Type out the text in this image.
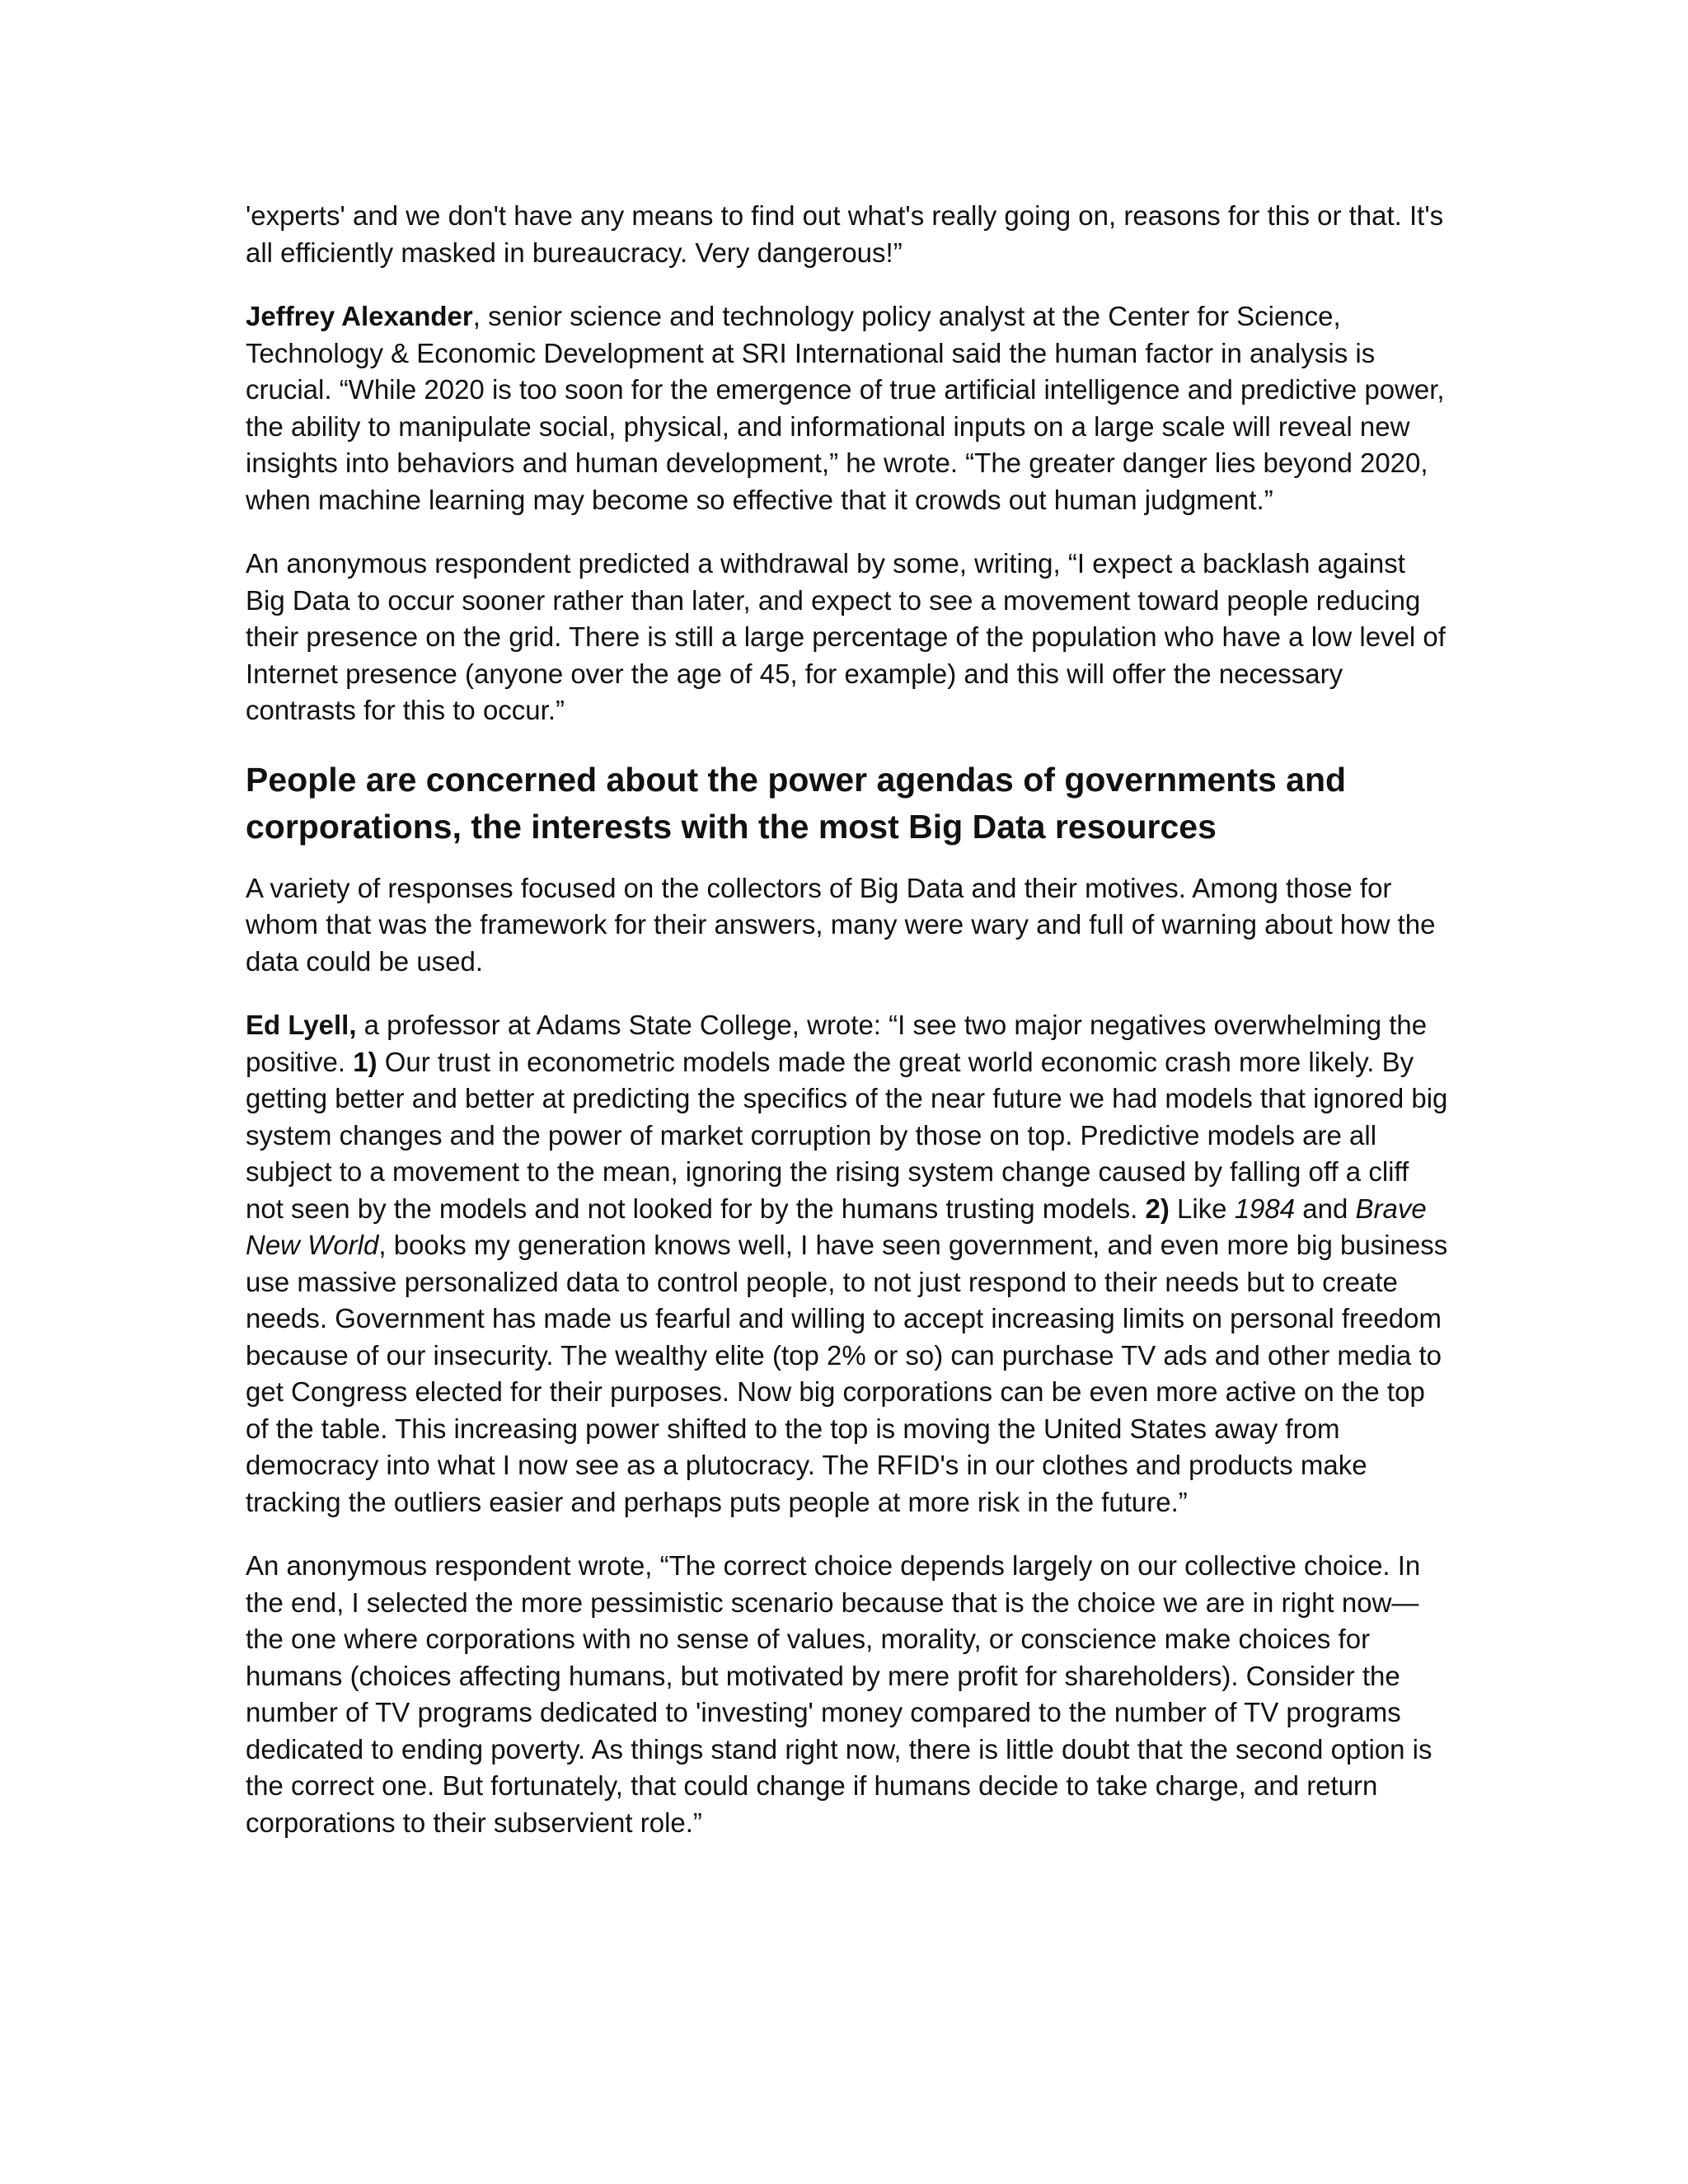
'experts' and we don't have any means to find out what's really going on, reasons for this or that. It's all efficiently masked in bureaucracy. Very dangerous!”

Jeffrey Alexander, senior science and technology policy analyst at the Center for Science, Technology & Economic Development at SRI International said the human factor in analysis is crucial. “While 2020 is too soon for the emergence of true artificial intelligence and predictive power, the ability to manipulate social, physical, and informational inputs on a large scale will reveal new insights into behaviors and human development,” he wrote. “The greater danger lies beyond 2020, when machine learning may become so effective that it crowds out human judgment.”

An anonymous respondent predicted a withdrawal by some, writing, “I expect a backlash against Big Data to occur sooner rather than later, and expect to see a movement toward people reducing their presence on the grid. There is still a large percentage of the population who have a low level of Internet presence (anyone over the age of 45, for example) and this will offer the necessary contrasts for this to occur.”

People are concerned about the power agendas of governments and corporations, the interests with the most Big Data resources

A variety of responses focused on the collectors of Big Data and their motives. Among those for whom that was the framework for their answers, many were wary and full of warning about how the data could be used.

Ed Lyell, a professor at Adams State College, wrote: “I see two major negatives overwhelming the positive. 1) Our trust in econometric models made the great world economic crash more likely. By getting better and better at predicting the specifics of the near future we had models that ignored big system changes and the power of market corruption by those on top. Predictive models are all subject to a movement to the mean, ignoring the rising system change caused by falling off a cliff not seen by the models and not looked for by the humans trusting models. 2) Like 1984 and Brave New World, books my generation knows well, I have seen government, and even more big business use massive personalized data to control people, to not just respond to their needs but to create needs. Government has made us fearful and willing to accept increasing limits on personal freedom because of our insecurity. The wealthy elite (top 2% or so) can purchase TV ads and other media to get Congress elected for their purposes. Now big corporations can be even more active on the top of the table. This increasing power shifted to the top is moving the United States away from democracy into what I now see as a plutocracy. The RFID's in our clothes and products make tracking the outliers easier and perhaps puts people at more risk in the future.”

An anonymous respondent wrote, “The correct choice depends largely on our collective choice. In the end, I selected the more pessimistic scenario because that is the choice we are in right now—the one where corporations with no sense of values, morality, or conscience make choices for humans (choices affecting humans, but motivated by mere profit for shareholders). Consider the number of TV programs dedicated to 'investing' money compared to the number of TV programs dedicated to ending poverty. As things stand right now, there is little doubt that the second option is the correct one. But fortunately, that could change if humans decide to take charge, and return corporations to their subservient role.”
